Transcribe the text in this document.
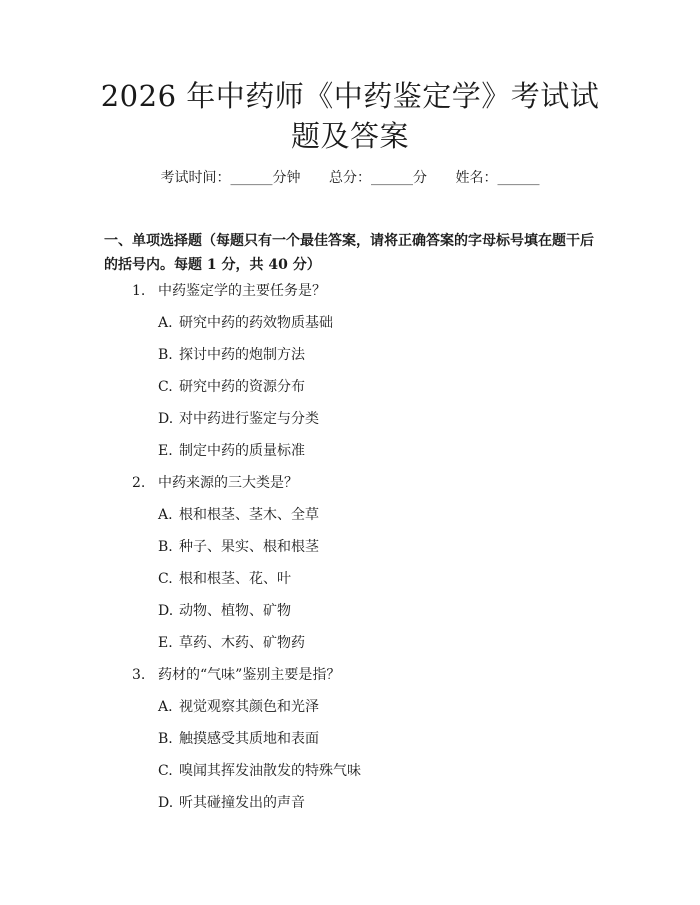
2026 年中药师《中药鉴定学》考试试题及答案
考试时间：______分钟 总分：______分 姓名：______

一、单项选择题（每题只有一个最佳答案，请将正确答案的字母标号填在题干后的括号内。每题 1 分，共 40 分）

1. 中药鉴定学的主要任务是？
A. 研究中药的药效物质基础
B. 探讨中药的炮制方法
C. 研究中药的资源分布
D. 对中药进行鉴定与分类
E. 制定中药的质量标准
2. 中药来源的三大类是？
A. 根和根茎、茎木、全草
B. 种子、果实、根和根茎
C. 根和根茎、花、叶
D. 动物、植物、矿物
E. 草药、木药、矿物药
3. 药材的“气味”鉴别主要是指？
A. 视觉观察其颜色和光泽
B. 触摸感受其质地和表面
C. 嗅闻其挥发油散发的特殊气味
D. 听其碰撞发出的声音
